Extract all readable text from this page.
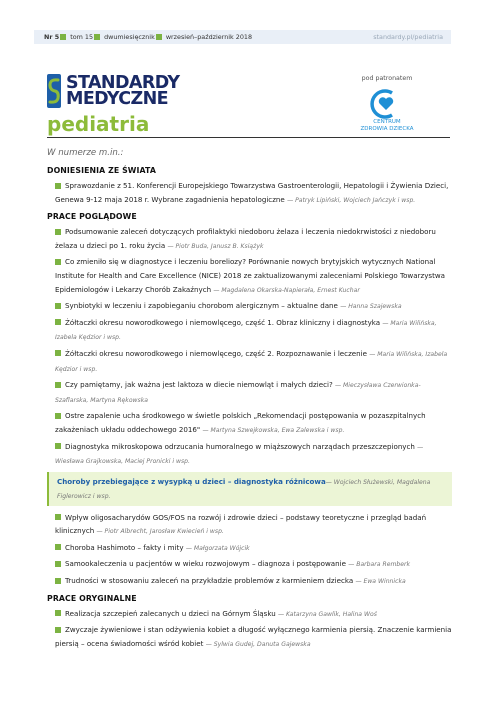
Nr 5 tom 15 dwumiesięcznik wrzesień–październik 2018	standardy.pl/pediatria
STANDARDY
MEDYCZNE
pediatria
pod patronatem
CENTRUM
ZDROWIA DZIECKA
W numerze m.in.:
DONIESIENIA ZE ŚWIATA
Sprawozdanie z 51. Konferencji Europejskiego Towarzystwa Gastroenterologii, Hepatologii i Żywienia Dzieci, Genewa 9-12 maja 2018 r. Wybrane zagadnienia hepatologiczne — Patryk Lipiński, Wojciech Jańczyk i wsp.
PRACE POGLĄDOWE
Podsumowanie zaleceń dotyczących profilaktyki niedoboru żelaza i leczenia niedokrwistości z niedoboru żelaza u dzieci po 1. roku życia — Piotr Buda, Janusz B. Książyk
Co zmieniło się w diagnostyce i leczeniu boreliozy? Porównanie nowych brytyjskich wytycznych National Institute for Health and Care Excellence (NICE) 2018 ze zaktualizowanymi zaleceniami Polskiego Towarzystwa Epidemiologów i Lekarzy Chorób Zakaźnych — Magdalena Okarska-Napierała, Ernest Kuchar
Synbiotyki w leczeniu i zapobieganiu chorobom alergicznym – aktualne dane — Hanna Szajewska
Żółtaczki okresu noworodkowego i niemowlęcego, część 1. Obraz kliniczny i diagnostyka — Maria Wilińska, Izabela Kędzior i wsp.
Żółtaczki okresu noworodkowego i niemowlęcego, część 2. Rozpoznawanie i leczenie — Maria Wilińska, Izabela Kędzior i wsp.
Czy pamiętamy, jak ważna jest laktoza w diecie niemowląt i małych dzieci? — Mieczysława Czerwionka-Szaflarska, Martyna Rękowska
Ostre zapalenie ucha środkowego w świetle polskich „Rekomendacji postępowania w pozaszpitalnych zakażeniach układu oddechowego 2016" — Martyna Szwejkowska, Ewa Zalewska i wsp.
Diagnostyka mikroskopowa odrzucania humoralnego w miąższowych narządach przeszczepionych — Wiesława Grajkowska, Maciej Pronicki i wsp.
Choroby przebiegające z wysypką u dzieci – diagnostyka różnicowa— Wojciech Służewski, Magdalena Figlerowicz i wsp.
Wpływ oligosacharydów GOS/FOS na rozwój i zdrowie dzieci – podstawy teoretyczne i przegląd badań klinicznych — Piotr Albrecht, Jarosław Kwiecień i wsp.
Choroba Hashimoto – fakty i mity — Małgorzata Wójcik
Samookaleczenia u pacjentów w wieku rozwojowym – diagnoza i postępowanie — Barbara Remberk
Trudności w stosowaniu zaleceń na przykładzie problemów z karmieniem dziecka — Ewa Winnicka
PRACE ORYGINALNE
Realizacja szczepień zalecanych u dzieci na Górnym Śląsku — Katarzyna Gawlik, Halina Woś
Zwyczaje żywieniowe i stan odżywienia kobiet a długość wyłącznego karmienia piersią. Znaczenie karmienia piersią – ocena świadomości wśród kobiet — Sylwia Gudej, Danuta Gajewska
